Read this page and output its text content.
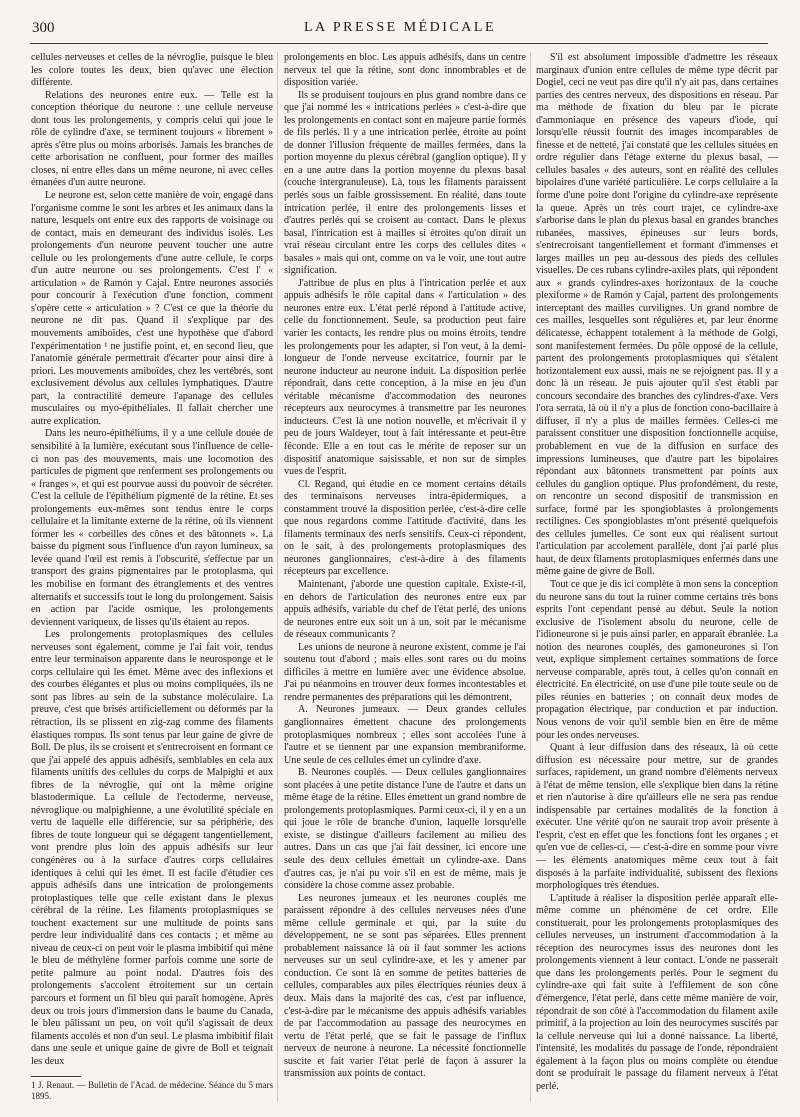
300	LA PRESSE MÉDICALE

cellules nerveuses et celles de la névroglie, puisque le bleu les colore toutes les deux, bien qu'avec une élection différente.

Relations des neurones entre eux. — Telle est la conception théorique du neurone : une cellule nerveuse dont tous les prolongements, y compris celui qui joue le rôle de cylindre d'axe, se terminent toujours « librement » après s'être plus ou moins arborisés. Jamais les branches de cette arborisation ne confluent, pour former des mailles closes, ni entre elles dans un même neurone, ni avec celles émanées d'un autre neurone.

Le neurone est, selon cette manière de voir, engagé dans l'organisme comme le sont les arbres et les animaux dans la nature, lesquels ont entre eux des rapports de voisinage ou de contact, mais en demeurant des individus isolés. Les prolongements d'un neurone peuvent toucher une autre cellule ou les prolongements d'une autre cellule, le corps d'un autre neurone ou ses prolongements. C'est l' « articulation » de Ramón y Cajal. Entre neurones associés pour concourir à l'exécution d'une fonction, comment s'opère cette « articulation » ? C'est ce que la théorie du neurone ne dit pas. Quand il s'explique par des mouvements amiboïdes, c'est une hypothèse que d'abord l'expérimentation ¹ ne justifie point, et, en second lieu, que l'anatomie générale permettrait d'écarter pour ainsi dire à priori. Les mouvements amiboïdes, chez les vertébrés, sont exclusivement dévolus aux cellules lymphatiques. D'autre part, la contractilité demeure l'apanage des cellules musculaires ou myo-épithéliales. Il fallait chercher une autre explication.

Dans les neuro-épithéliums, il y a une cellule douée de sensibilité à la lumière, exécutant sous l'influence de celle-ci non pas des mouvements, mais une locomotion des particules de pigment que renferment ses prolongements ou « franges », et qui est pourvue aussi du pouvoir de sécréter. C'est la cellule de l'épithélium pigmenté de la rétine. Et ses prolongements eux-mêmes sont tendus entre le corps cellulaire et la limitante externe de la rétine, où ils viennent former les « corbeilles des cônes et des bâtonnets ». La baisse du pigment sous l'influence d'un rayon lumineux, sa levée quand l'œil est remis à l'obscurité, s'effectue par un transport des grains pigmentaires par le protoplasma, qui les mobilise en formant des étranglements et des ventres alternatifs et successifs tout le long du prolongement. Saisis en action par l'acide osmique, les prolongements deviennent variqueux, de lisses qu'ils étaient au repos.

Les prolongements protoplasmiques des cellules nerveuses sont également, comme je l'ai fait voir, tendus entre leur terminaison apparente dans le neurosponge et le corps cellulaire qui les émet. Même avec des inflexions et des courbes élégantes et plus ou moins compliquées, ils ne sont pas libres au sein de la substance moléculaire. La preuve, c'est que brisés artificiellement ou déformés par la rétraction, ils se plissent en zig-zag comme des filaments élastiques rompus. Ils sont tenus par leur gaine de givre de Boll. De plus, ils se croisent et s'entrecroisent en formant ce que j'ai appelé des appuis adhésifs, semblables en cela aux filaments unitifs des cellules du corps de Malpighi et aux fibres de la névroglie, qui ont la même origine blastodermique. La cellule de l'ectoderme, nerveuse, névroglique ou malpighienne, a une évolutilité spéciale en vertu de laquelle elle différencie, sur sa périphérie, des fibres de toute longueur qui se dégagent tangentiellement, vont prendre plus loin des appuis adhésifs sur leur congénères ou à la surface d'autres corps cellulaires identiques à celui qui les émet. Il est facile d'étudier ces appuis adhésifs dans une intrication de prolongements protoplastiques telle que celle existant dans le plexus cérébral de la rétine. Les filaments protoplasmiques se touchent exactement sur une multitude de points sans perdre leur individualité dans ces contacts ; et même au niveau de ceux-ci on peut voir le plasma imbibitif qui mène le bleu de méthylène former parfois comme une sorte de petite palmure au point nodal. D'autres fois des prolongements s'accolent étroitement sur un certain parcours et forment un fil bleu qui paraît homogène. Après deux ou trois jours d'immersion dans le baume du Canada, le bleu pâlissant un peu, on voit qu'il s'agissait de deux filaments accolés et non d'un seul. Le plasma imbibitif filait dans une seule et unique gaine de givre de Boll et teignait les deux

1 J. Renaut. — Bulletin de l'Acad. de médecine. Séance du 5 mars 1895.

prolongements en bloc. Les appuis adhésifs, dans un centre nerveux tel que la rétine, sont donc innombrables et de disposition variée.

Ils se produisent toujours en plus grand nombre dans ce que j'ai nommé les « intrications perlées » c'est-à-dire que les prolongements en contact sont en majeure partie formés de fils perlés. Il y a une intrication perlée, étroite au point de donner l'illusion fréquente de mailles fermées, dans la portion moyenne du plexus cérébral (ganglion optique). Il y en a une autre dans la portion moyenne du plexus basal (couche intergranuleuse). Là, tous les filaments paraissent perlés sous un faible grossissement. En réalité, dans toute intrication perlée, il entre des prolongements lisses et d'autres perlés qui se croisent au contact. Dans le plexus basal, l'intrication est à mailles si étroites qu'on dirait un vrai réseau circulant entre les corps des cellules dites « basales » mais qui ont, comme on va le voir, une tout autre signification.

J'attribue de plus en plus à l'intrication perlée et aux appuis adhésifs le rôle capital dans « l'articulation » des neurones entre eux. L'état perlé répond à l'attitude active, celle du fonctionnement. Seule, sa production peut faire varier les contacts, les rendre plus ou moins étroits, tendre les prolongements pour les adapter, si l'on veut, à la demi-longueur de l'onde nerveuse excitatrice, fournir par le neurone inducteur au neurone induit. La disposition perlée répondrait, dans cette conception, à la mise en jeu d'un véritable mécanisme d'accommodation des neurones récepteurs aux neurocymes à transmettre par les neurones inducteurs. C'est là une notion nouvelle, et m'écrivait il y peu de jours Waldeyer, tout à fait intéressante et peut-être féconde. Elle a en tout cas le mérite de reposer sur un dispositif anatomique saisissable, et non sur de simples vues de l'esprit.

Cl. Regaud, qui étudie en ce moment certains détails des terminaisons nerveuses intra-épidermiques, a constamment trouvé la disposition perlée, c'est-à-dire celle que nous regardons comme l'attitude d'activité, dans les filaments terminaux des nerfs sensitifs. Ceux-ci répondent, on le sait, à des prolongements protoplasmiques des neurones ganglionnaires, c'est-à-dire à des filaments récepteurs par excellence.

Maintenant, j'aborde une question capitale. Existe-t-il, en dehors de l'articulation des neurones entre eux par appuis adhésifs, variable du chef de l'état perlé, des unions de neurones entre eux soit un à un, soit par le mécanisme de réseaux communicants ?

Les unions de neurone à neurone existent, comme je l'ai soutenu tout d'abord ; mais elles sont rares ou du moins difficiles à mettre en lumière avec une évidence absolue. J'ai pu néanmoins en trouver deux formes incontestables et rendre permanentes des préparations qui les démontrent,

A. Neurones jumeaux. — Deux grandes cellules ganglionnaires émettent chacune des prolongements protoplasmiques nombreux ; elles sont accolées l'une à l'autre et se tiennent par une expansion membraniforme. Une seule de ces cellules émet un cylindre d'axe.

B. Neurones couplés. — Deux cellules ganglionnaires sont placées à une petite distance l'une de l'autre et dans un même étage de la rétine. Elles émettent un grand nombre de prolongements protoplasmiques. Parmi ceux-ci, il y en a un qui joue le rôle de branche d'union, laquelle lorsqu'elle existe, se distingue d'ailleurs facilement au milieu des autres. Dans un cas que j'ai fait dessiner, ici encore une seule des deux cellules émettait un cylindre-axe. Dans d'autres cas, je n'ai pu voir s'il en est de même, mais je considère la chose comme assez probable.

Les neurones jumeaux et les neurones couplés me paraissent répondre à des cellules nerveuses nées d'une même cellule germinale et qui, par la suite du développement, ne se sont pas séparées. Elles prennent probablement naissance là où il faut sommer les actions nerveuses sur un seul cylindre-axe, et les y amener par conduction. Ce sont là en somme de petites batteries de cellules, comparables aux piles électriques réunies deux à deux. Mais dans la majorité des cas, c'est par influence, c'est-à-dire par le mécanisme des appuis adhésifs variables de par l'accommodation au passage des neurocymes en vertu de l'état perlé, que se fait le passage de l'influx nerveux de neurone à neurone. La nécessité fonctionnelle suscite et fait varier l'état perlé de façon à assurer la transmission aux points de contact.

S'il est absolument impossible d'admettre les réseaux marginaux d'union entre cellules de même type décrit par Dogiel, ceci ne veut pas dire qu'il n'y ait pas, dans certaines parties des centres nerveux, des dispositions en réseau. Par ma méthode de fixation du bleu par le picrate d'ammoniaque en présence des vapeurs d'iode, qui lorsqu'elle réussit fournit des images incomparables de finesse et de netteté, j'ai constaté que les cellules situées en ordre régulier dans l'étage externe du plexus basal, — cellules basales « des auteurs, sont en réalité des cellules bipolaires d'une variété particulière. Le corps cellulaire a la forme d'une poire dont l'origine du cylindre-axe représente la queue. Après un très court trajet, ce cylindre-axe s'arborise dans le plan du plexus basal en grandes branches rubanées, massives, épineuses sur leurs bords, s'entrecroisant tangentiellement et formant d'immenses et larges mailles un peu au-dessous des pieds des cellules visuelles. De ces rubans cylindre-axiles plats, qui répondent aux « grands cylindres-axes horizontaux de la couche plexiforme » de Ramón y Cajal, partent des prolongements interceptant des mailles curvilignes. Un grand nombre de ces mailles, lesquelles sont régulières et, par leur énorme délicatesse, échappent totalement à la méthode de Golgi, sont manifestement fermées. Du pôle opposé de la cellule, partent des prolongements protoplasmiques qui s'étalent horizontalement eux aussi, mais ne se rejoignent pas. Il y a donc là un réseau. Je puis ajouter qu'il s'est établi par concours secondaire des branches des cylindres-d'axe. Vers l'ora serrata, là où il n'y a plus de fonction cono-bacillaire à diffuser, il n'y a plus de mailles fermées. Celles-ci me paraissent constituer une disposition fonctionnelle acquise, probablement en vue de la diffusion en surface des impressions lumineuses, que d'autre part les bipolaires répondant aux bâtonnets transmettent par points aux cellules du ganglion optique. Plus profondément, du reste, on rencontre un second dispositif de transmission en surface, formé par les spongioblastes à prolongements rectilignes. Ces spongioblastes m'ont présenté quelquefois des cellules jumelles. Ce sont eux qui réalisent surtout l'articulation par accolement parallèle, dont j'ai parlé plus haut, de deux filaments protoplasmiques enfermés dans une même gaine de givre de Boll.

Tout ce que je dis ici complète à mon sens la conception du neurone sans du tout la ruiner comme certains très bons esprits l'ont cependant pensé au début. Seule la notion exclusive de l'isolement absolu du neurone, celle de l'idioneurone si je puis ainsi parler, en apparaît ébranlée. La notion des neurones couplés, des gamoneurones si l'on veut, explique simplement certaines sommations de force nerveuse comparable, après tout, à celles qu'on connaît en électricité. En électricité, on use d'une pile toute seule ou de piles réunies en batteries ; on connaît deux modes de propagation électrique, par conduction et par induction. Nous venons de voir qu'il semble bien en être de même pour les ondes nerveuses.

Quant à leur diffusion dans des réseaux, là où cette diffusion est nécessaire pour mettre, sur de grandes surfaces, rapidement, un grand nombre d'éléments nerveux à l'état de même tension, elle s'explique bien dans la rétine et rien n'autorise à dire qu'ailleurs elle ne sera pas rendue indispensable par certaines modalités de la fonction à exécuter. Une vérité qu'on ne saurait trop avoir présente à l'esprit, c'est en effet que les fonctions font les organes ; et qu'en vue de celles-ci, — c'est-à-dire en somme pour vivre — les éléments anatomiques même ceux tout à fait disposés à la parfaite individualité, subissent des flexions morphologiques très étendues.

L'aptitude à réaliser la disposition perlée apparaît elle-même comme un phénomène de cet ordre. Elle constituerait, pour les prolongements protoplasmiques des cellules nerveuses, un instrument d'accommodation à la réception des neurocymes issus des neurones dont les prolongements viennent à leur contact. L'onde ne passerait que dans les prolongements perlés. Pour le segment du cylindre-axe qui fait suite à l'effilement de son cône d'émergence, l'état perlé, dans cette même manière de voir, répondrait de son côté à l'accommodation du filament axile primitif, à la projection au loin des neurocymes suscités par la cellule nerveuse qui lui a donné naissance. La liberté, l'intensité, les modalités du passage de l'onde, répondraient également à la façon plus ou moins complète ou étendue dont se produirait le passage du filament nerveux à l'état perlé.
